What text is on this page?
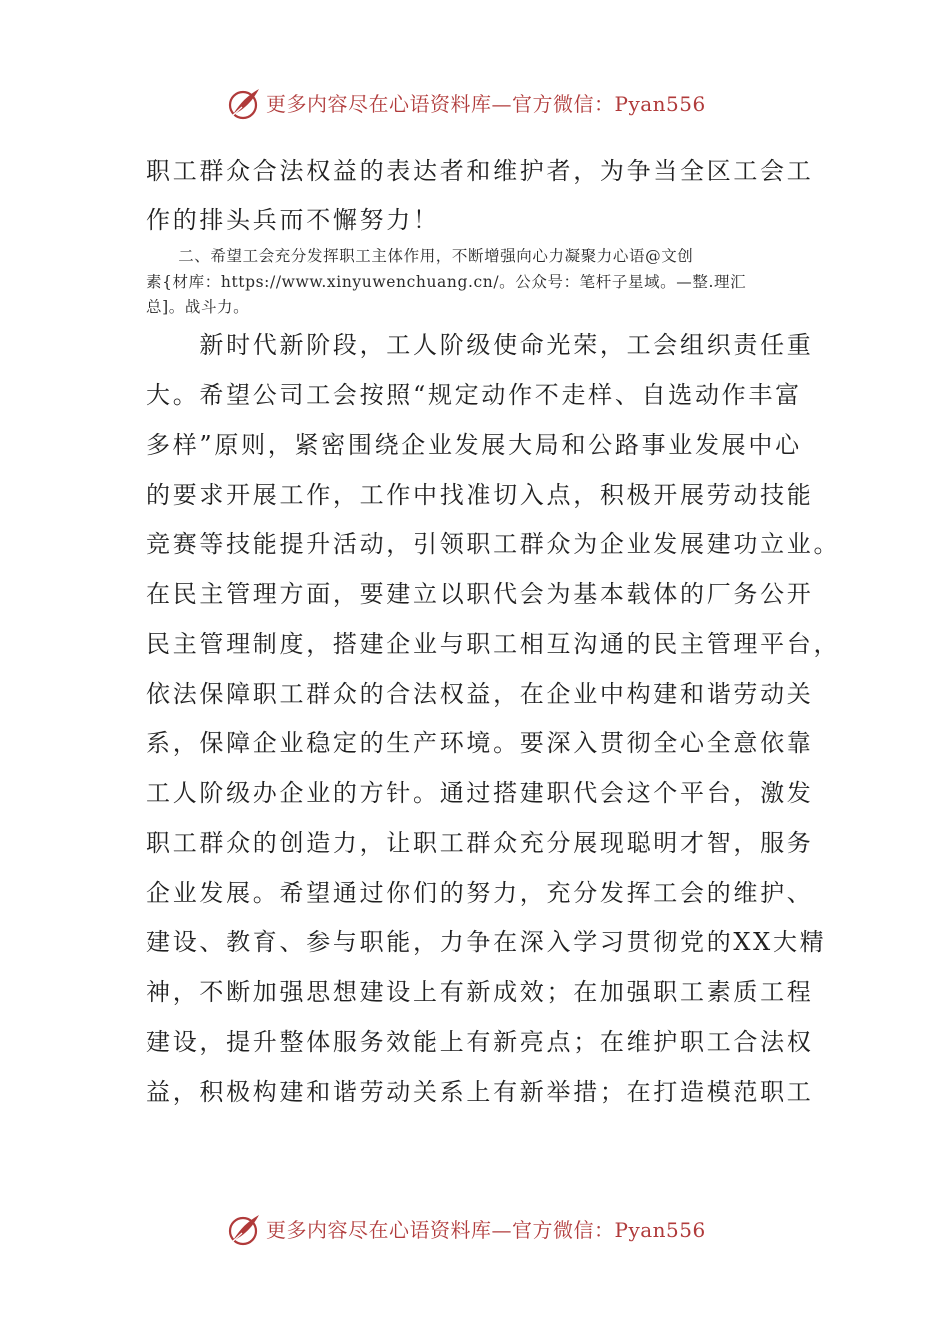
更多内容尽在心语资料库—官方微信：Pyan556
职工群众合法权益的表达者和维护者，为争当全区工会工
作的排头兵而不懈努力！
　　二、希望工会充分发挥职工主体作用，不断增强向心力凝聚力心语@文创
素{材库：https://www.xinyuwenchuang.cn/。公众号：笔杆子星域。—整.理汇
总]。战斗力。
　　新时代新阶段，工人阶级使命光荣，工会组织责任重
大。希望公司工会按照“规定动作不走样、自选动作丰富
多样”原则，紧密围绕企业发展大局和公路事业发展中心
的要求开展工作，工作中找准切入点，积极开展劳动技能
竞赛等技能提升活动，引领职工群众为企业发展建功立业。
在民主管理方面，要建立以职代会为基本载体的厂务公开
民主管理制度，搭建企业与职工相互沟通的民主管理平台，
依法保障职工群众的合法权益，在企业中构建和谐劳动关
系，保障企业稳定的生产环境。要深入贯彻全心全意依靠
工人阶级办企业的方针。通过搭建职代会这个平台，激发
职工群众的创造力，让职工群众充分展现聪明才智，服务
企业发展。希望通过你们的努力，充分发挥工会的维护、
建设、教育、参与职能，力争在深入学习贯彻党的XX大精
神，不断加强思想建设上有新成效；在加强职工素质工程
建设，提升整体服务效能上有新亮点；在维护职工合法权
益，积极构建和谐劳动关系上有新举措；在打造模范职工
更多内容尽在心语资料库—官方微信：Pyan556
